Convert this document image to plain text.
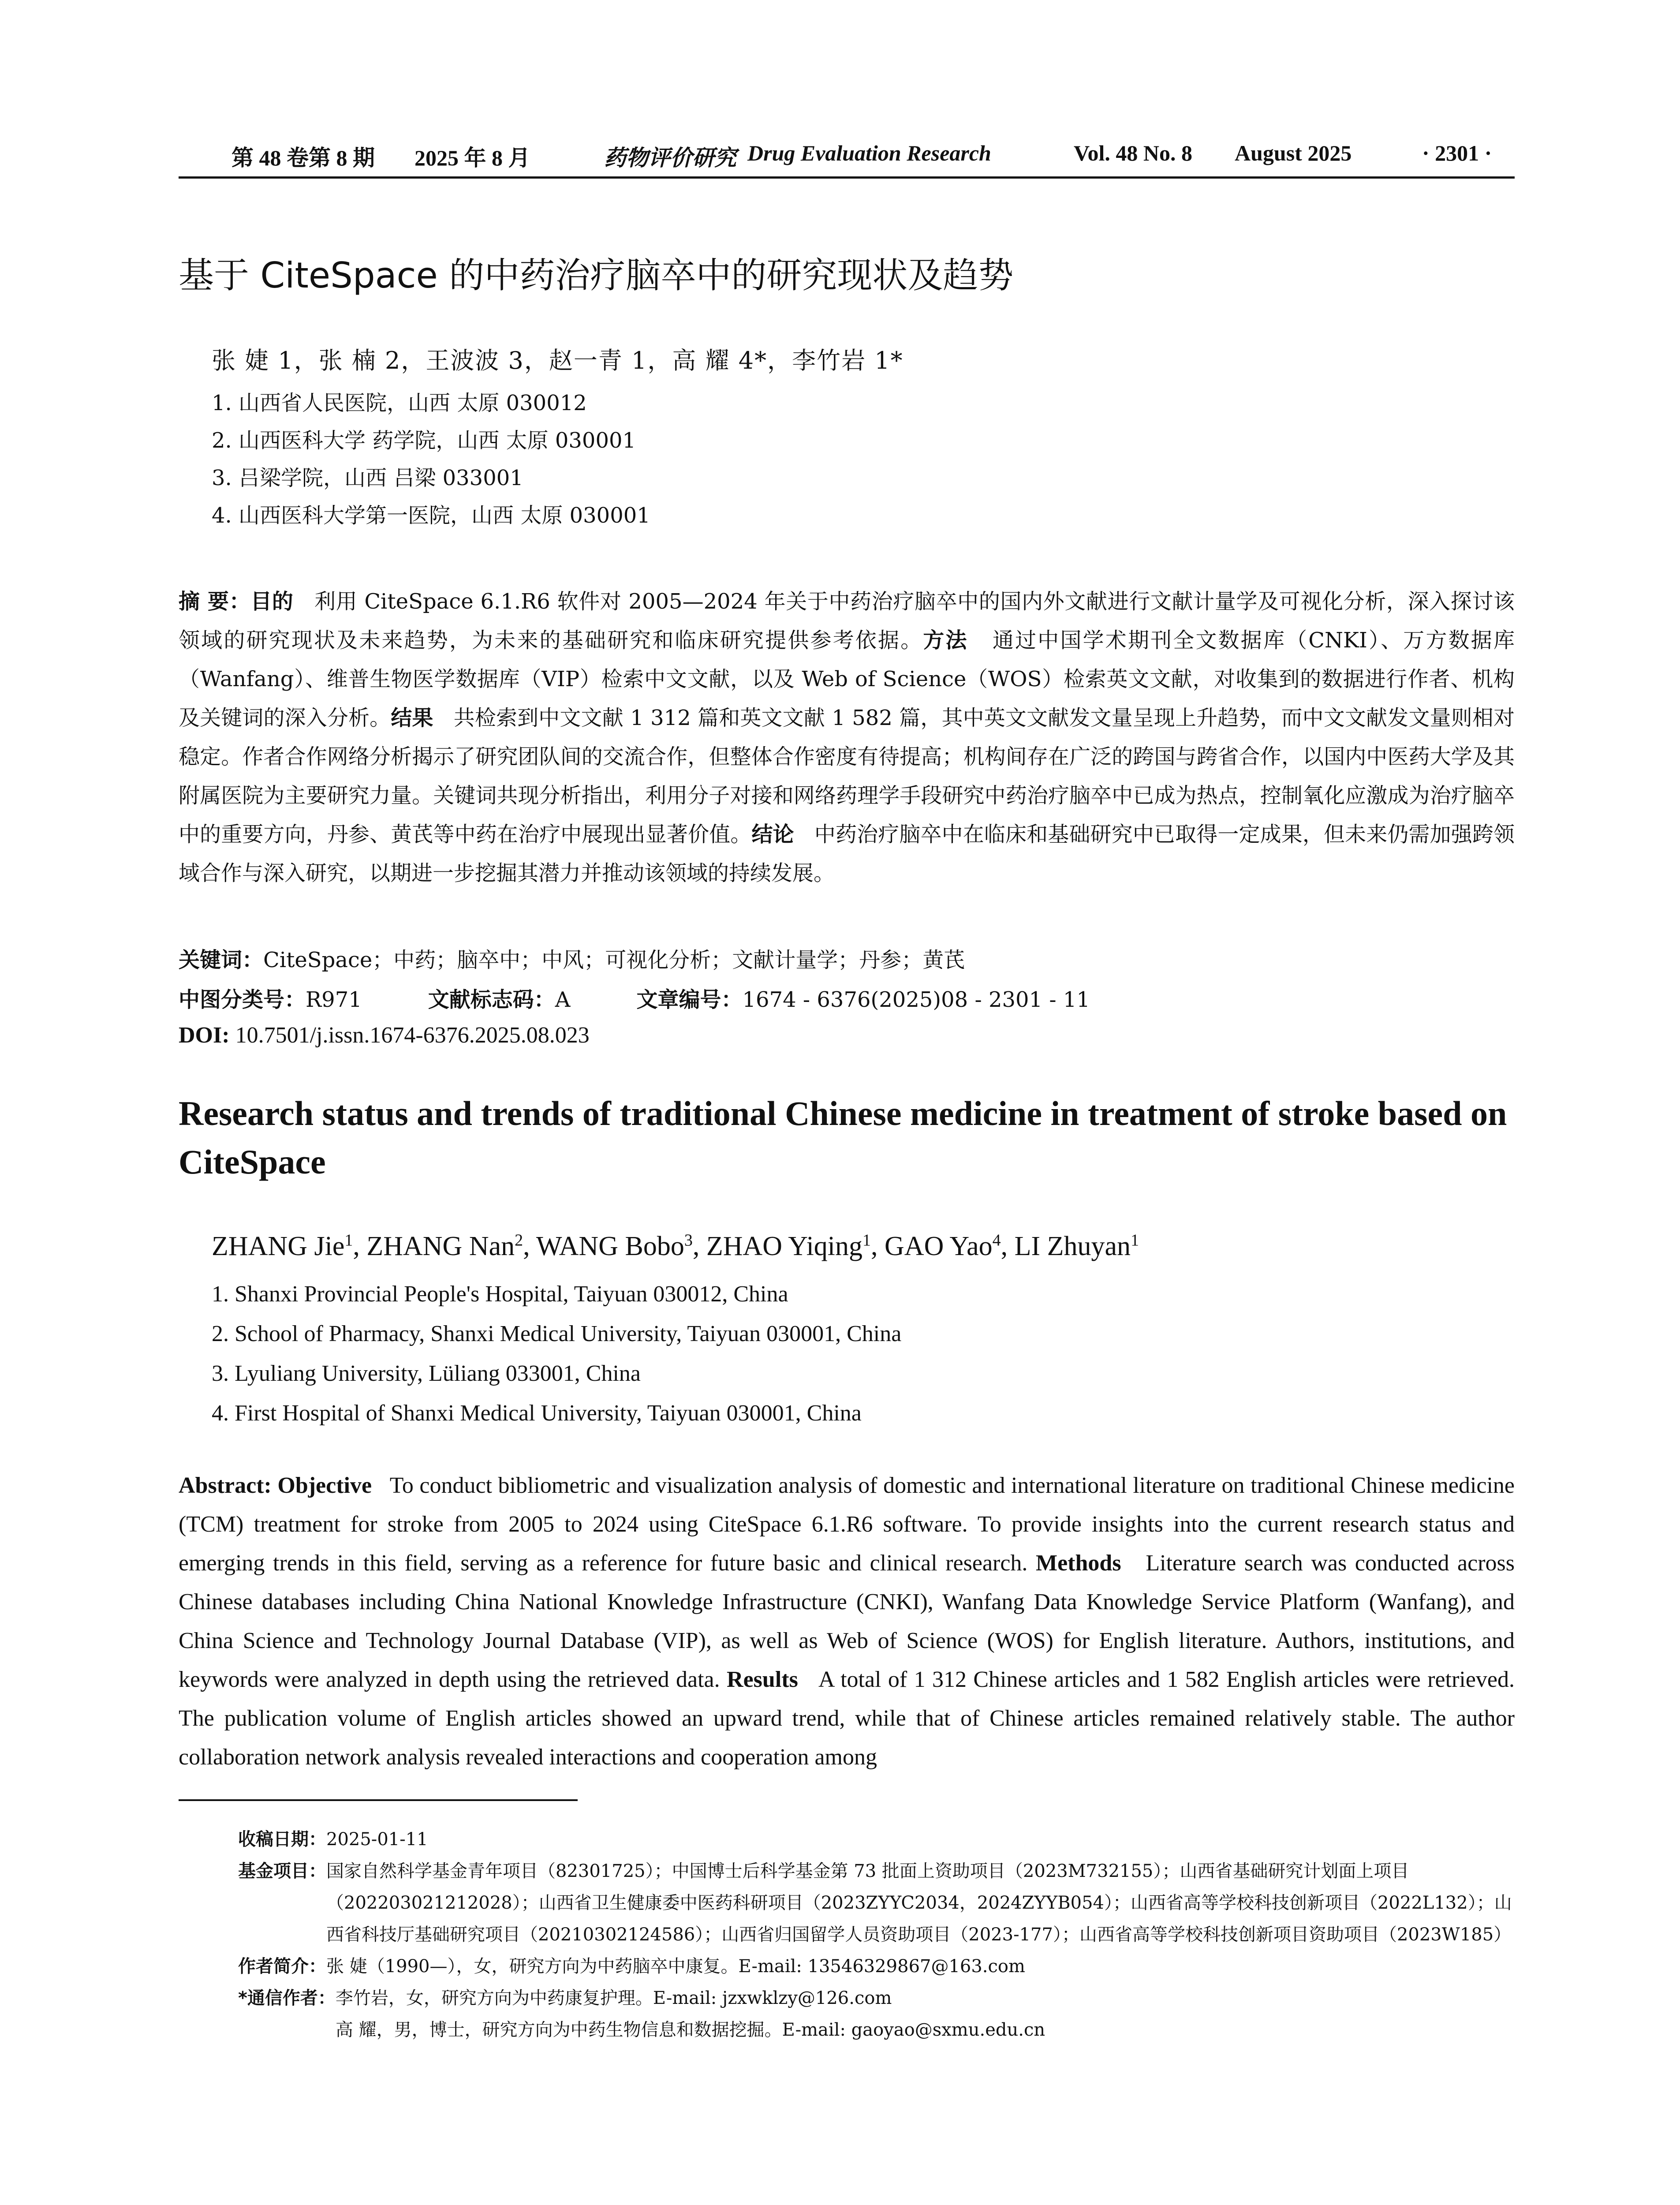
第 48 卷第 8 期 2025 年 8 月	药物评价研究 Drug Evaluation Research	Vol. 48 No. 8 August 2025	· 2301 ·
基于 CiteSpace 的中药治疗脑卒中的研究现状及趋势
张 婕 1，张 楠 2，王波波 3，赵一青 1，高 耀 4*，李竹岩 1*
1. 山西省人民医院，山西 太原 030012
2. 山西医科大学 药学院，山西 太原 030001
3. 吕梁学院，山西 吕梁 033001
4. 山西医科大学第一医院，山西 太原 030001
摘 要：目的 利用 CiteSpace 6.1.R6 软件对 2005—2024 年关于中药治疗脑卒中的国内外文献进行文献计量学及可视化分析，深入探讨该领域的研究现状及未来趋势，为未来的基础研究和临床研究提供参考依据。方法 通过中国学术期刊全文数据库（CNKI）、万方数据库（Wanfang）、维普生物医学数据库（VIP）检索中文文献，以及 Web of Science（WOS）检索英文文献，对收集到的数据进行作者、机构及关键词的深入分析。结果 共检索到中文文献 1 312 篇和英文文献 1 582 篇，其中英文文献发文量呈现上升趋势，而中文文献发文量则相对稳定。作者合作网络分析揭示了研究团队间的交流合作，但整体合作密度有待提高；机构间存在广泛的跨国与跨省合作，以国内中医药大学及其附属医院为主要研究力量。关键词共现分析指出，利用分子对接和网络药理学手段研究中药治疗脑卒中已成为热点，控制氧化应激成为治疗脑卒中的重要方向，丹参、黄芪等中药在治疗中展现出显著价值。结论 中药治疗脑卒中在临床和基础研究中已取得一定成果，但未来仍需加强跨领域合作与深入研究，以期进一步挖掘其潜力并推动该领域的持续发展。
关键词：CiteSpace；中药；脑卒中；中风；可视化分析；文献计量学；丹参；黄芪
中图分类号：R971	文献标志码：A	文章编号：1674 - 6376(2025)08 - 2301 - 11
DOI: 10.7501/j.issn.1674-6376.2025.08.023
Research status and trends of traditional Chinese medicine in treatment of stroke based on CiteSpace
ZHANG Jie$^1$, ZHANG Nan$^2$, WANG Bobo$^3$, ZHAO Yiqing$^1$, GAO Yao$^4$, LI Zhuyan$^1$
1. Shanxi Provincial People's Hospital, Taiyuan 030012, China
2. School of Pharmacy, Shanxi Medical University, Taiyuan 030001, China
3. Lyuliang University, Lüliang 033001, China
4. First Hospital of Shanxi Medical University, Taiyuan 030001, China
Abstract: Objective To conduct bibliometric and visualization analysis of domestic and international literature on traditional Chinese medicine (TCM) treatment for stroke from 2005 to 2024 using CiteSpace 6.1.R6 software. To provide insights into the current research status and emerging trends in this field, serving as a reference for future basic and clinical research. Methods Literature search was conducted across Chinese databases including China National Knowledge Infrastructure (CNKI), Wanfang Data Knowledge Service Platform (Wanfang), and China Science and Technology Journal Database (VIP), as well as Web of Science (WOS) for English literature. Authors, institutions, and keywords were analyzed in depth using the retrieved data. Results A total of 1 312 Chinese articles and 1 582 English articles were retrieved. The publication volume of English articles showed an upward trend, while that of Chinese articles remained relatively stable. The author collaboration network analysis revealed interactions and cooperation among
收稿日期： 2025-01-11
基金项目： 国家自然科学基金青年项目（82301725）；中国博士后科学基金第 73 批面上资助项目（2023M732155）；山西省基础研究计划面上项目（202203021212028）；山西省卫生健康委中医药科研项目（2023ZYYC2034，2024ZYYB054）；山西省高等学校科技创新项目（2022L132）；山西省科技厅基础研究项目（20210302124586）；山西省归国留学人员资助项目（2023-177）；山西省高等学校科技创新项目资助项目（2023W185）
作者简介： 张 婕（1990—），女，研究方向为中药脑卒中康复。E-mail: 13546329867@163.com
*通信作者： 李竹岩，女，研究方向为中药康复护理。E-mail: jzxwklzy@126.com
高 耀，男，博士，研究方向为中药生物信息和数据挖掘。E-mail: gaoyao@sxmu.edu.cn
